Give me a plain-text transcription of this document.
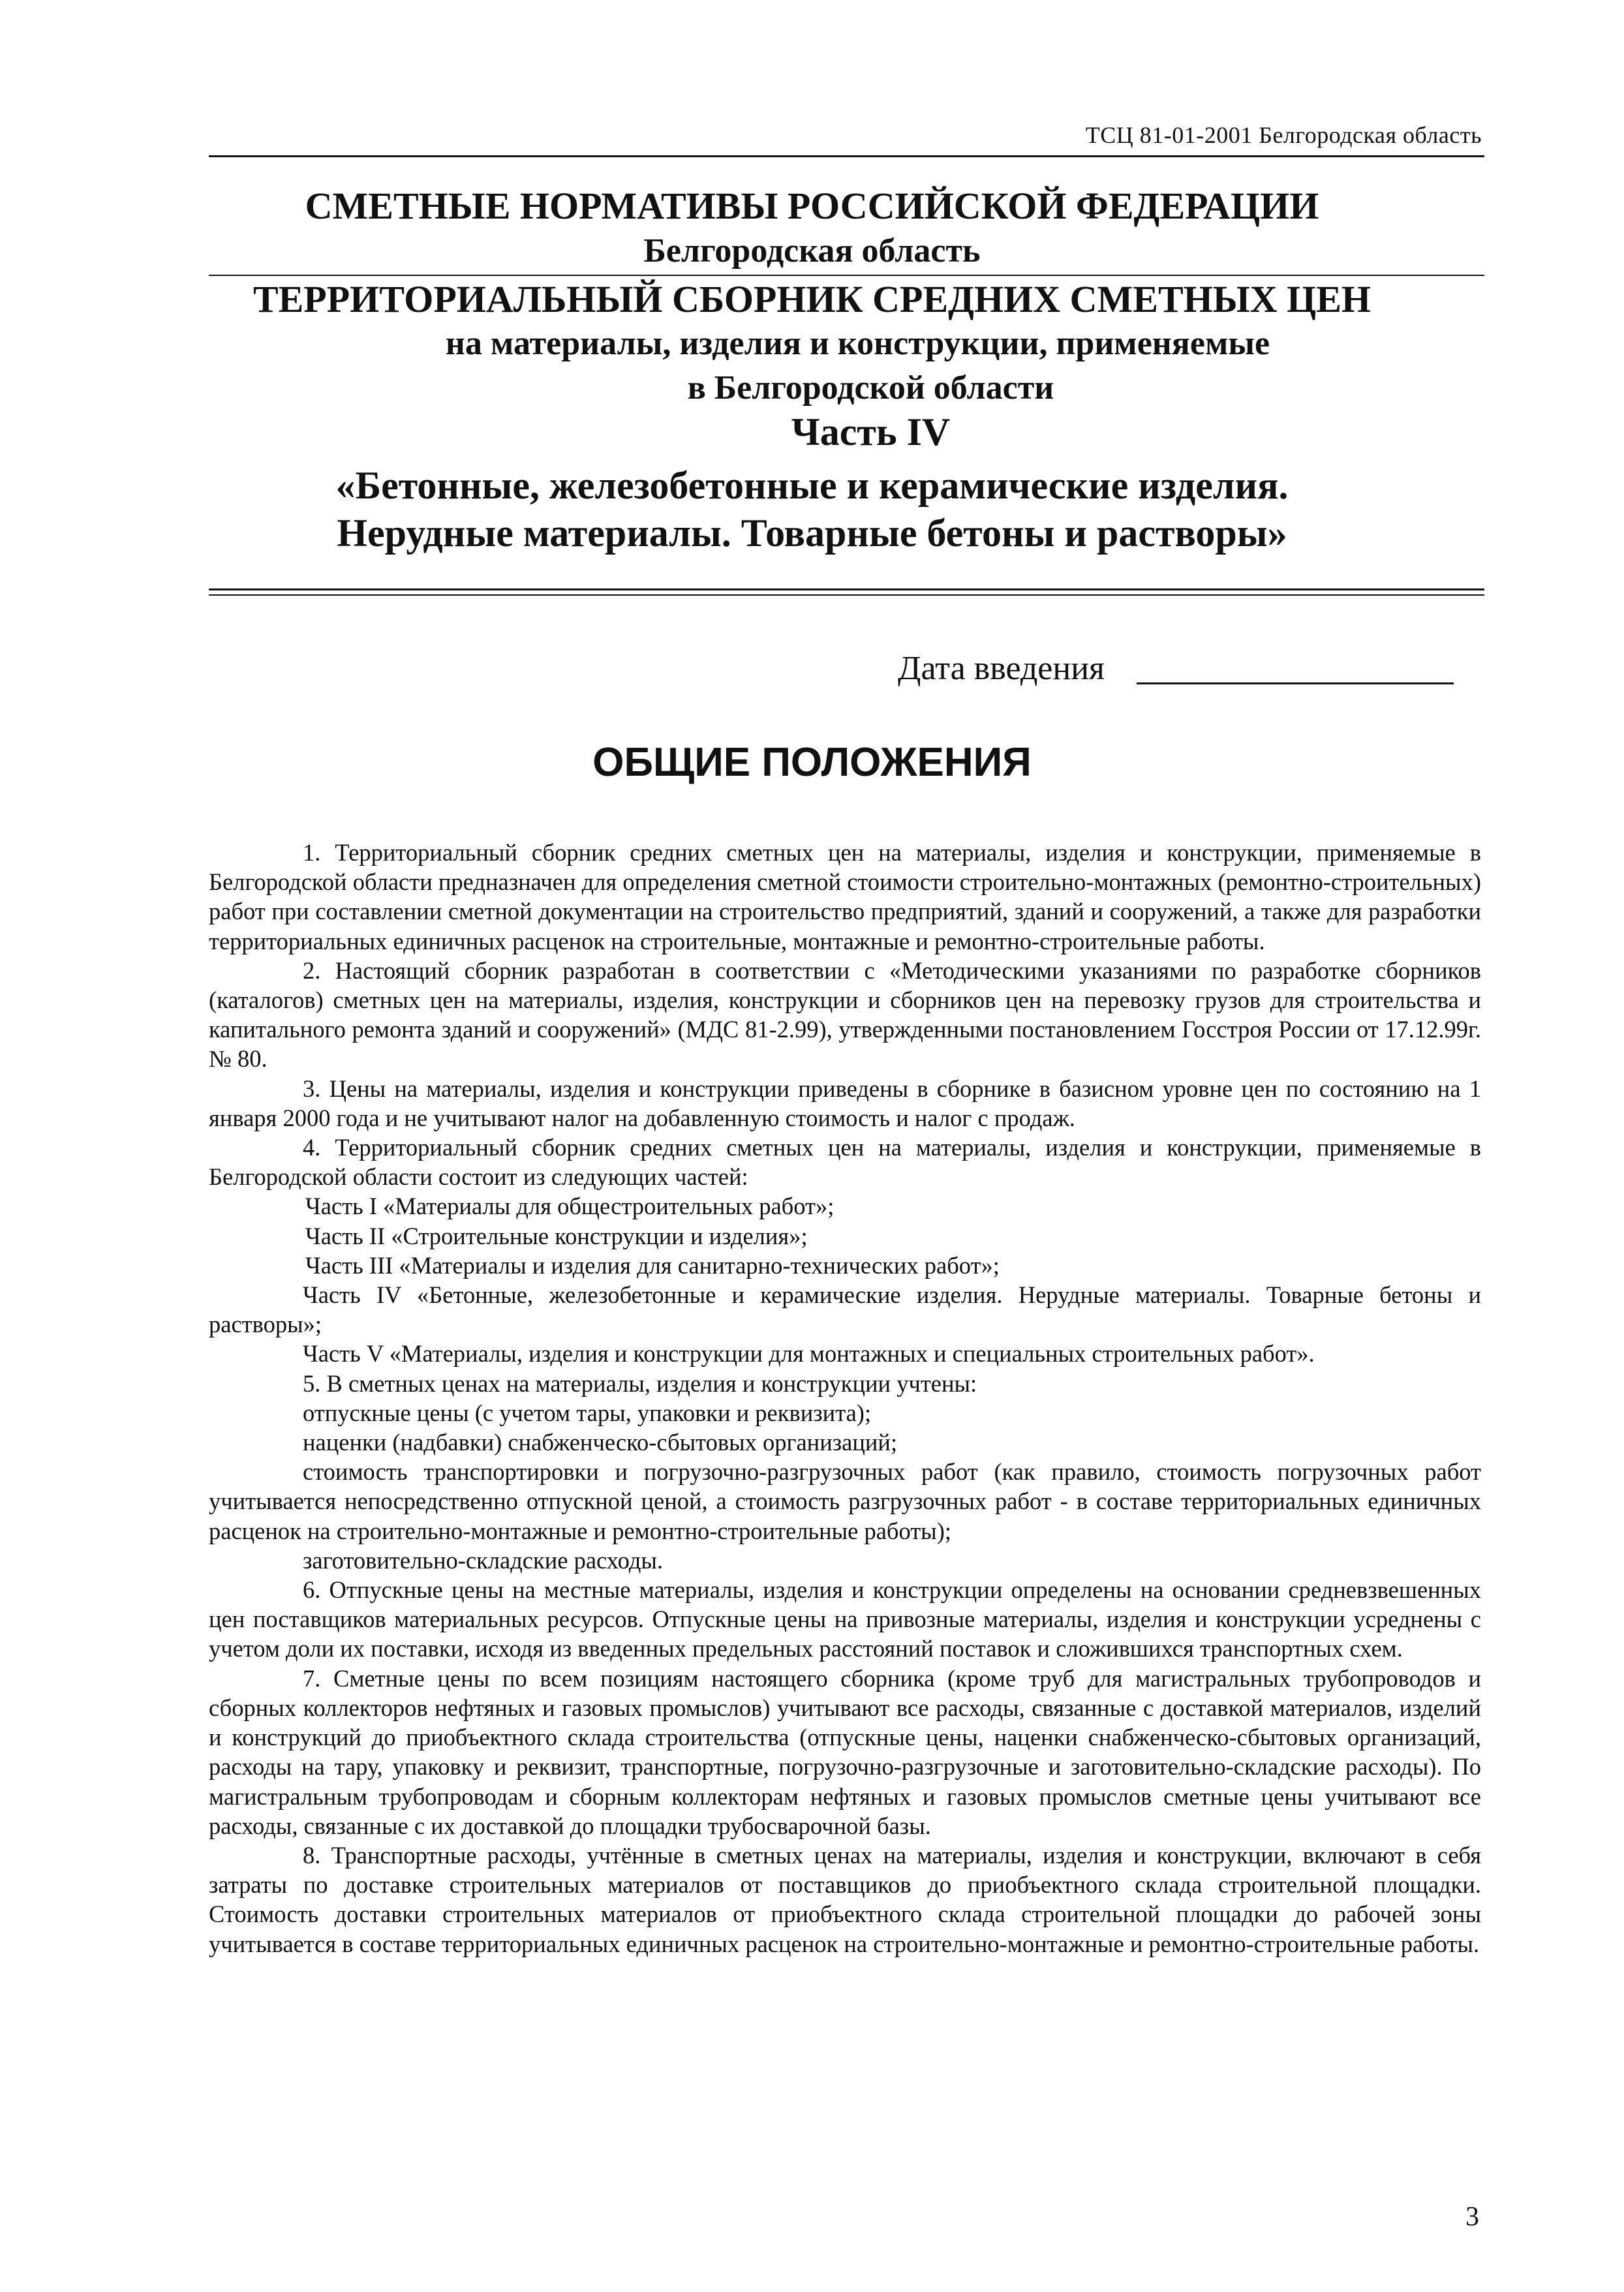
ТСЦ 81-01-2001 Белгородская область
СМЕТНЫЕ НОРМАТИВЫ РОССИЙСКОЙ ФЕДЕРАЦИИ
Белгородская область
ТЕРРИТОРИАЛЬНЫЙ СБОРНИК СРЕДНИХ СМЕТНЫХ ЦЕН
на материалы, изделия и конструкции, применяемые
в Белгородской области
Часть IV
«Бетонные, железобетонные и керамические изделия.
Нерудные материалы. Товарные бетоны и растворы»
Дата введения
ОБЩИЕ ПОЛОЖЕНИЯ

1. Территориальный сборник средних сметных цен на материалы, изделия и конструкции, применяемые в Белгородской области предназначен для определения сметной стоимости строительно-монтажных (ремонтно-строительных) работ при составлении сметной документации на строительство предприятий, зданий и сооружений, а также для разработки территориальных единичных расценок на строительные, монтажные и ремонтно-строительные работы.

2. Настоящий сборник разработан в соответствии с «Методическими указаниями по разработке сборников (каталогов) сметных цен на материалы, изделия, конструкции и сборников цен на перевозку грузов для строительства и капитального ремонта зданий и сооружений» (МДС 81-2.99), утвержденными постановлением Госстроя России от 17.12.99г. № 80.

3. Цены на материалы, изделия и конструкции приведены в сборнике в базисном уровне цен по состоянию на 1 января 2000 года и не учитывают налог на добавленную стоимость и налог с продаж.

4. Территориальный сборник средних сметных цен на материалы, изделия и конструкции, применяемые в Белгородской области состоит из следующих частей:

Часть I «Материалы для общестроительных работ»;

Часть II «Строительные конструкции и изделия»;

Часть III «Материалы и изделия для санитарно-технических работ»;

Часть IV «Бетонные, железобетонные и керамические изделия. Нерудные материалы. Товарные бетоны и растворы»;

Часть V «Материалы, изделия и конструкции для монтажных и специальных строительных работ».

5. В сметных ценах на материалы, изделия и конструкции учтены:

отпускные цены (с учетом тары, упаковки и реквизита);

наценки (надбавки) снабженческо-сбытовых организаций;

стоимость транспортировки и погрузочно-разгрузочных работ (как правило, стоимость погрузочных работ учитывается непосредственно отпускной ценой, а стоимость разгрузочных работ - в составе территориальных единичных расценок на строительно-монтажные и ремонтно-строительные работы);

заготовительно-складские расходы.

6. Отпускные цены на местные материалы, изделия и конструкции определены на основании средневзвешенных цен поставщиков материальных ресурсов. Отпускные цены на привозные материалы, изделия и конструкции усреднены с учетом доли их поставки, исходя из введенных предельных расстояний поставок и сложившихся транспортных схем.

7. Сметные цены по всем позициям настоящего сборника (кроме труб для магистральных трубопроводов и сборных коллекторов нефтяных и газовых промыслов) учитывают все расходы, связанные с доставкой материалов, изделий и конструкций до приобъектного склада строительства (отпускные цены, наценки снабженческо-сбытовых организаций, расходы на тару, упаковку и реквизит, транспортные, погрузочно-разгрузочные и заготовительно-складские расходы). По магистральным трубопроводам и сборным коллекторам нефтяных и газовых промыслов сметные цены учитывают все расходы, связанные с их доставкой до площадки трубосварочной базы.

8. Транспортные расходы, учтённые в сметных ценах на материалы, изделия и конструкции, включают в себя затраты по доставке строительных материалов от поставщиков до приобъектного склада строительной площадки. Стоимость доставки строительных материалов от приобъектного склада строительной площадки до рабочей зоны учитывается в составе территориальных единичных расценок на строительно-монтажные и ремонтно-строительные работы.

3
